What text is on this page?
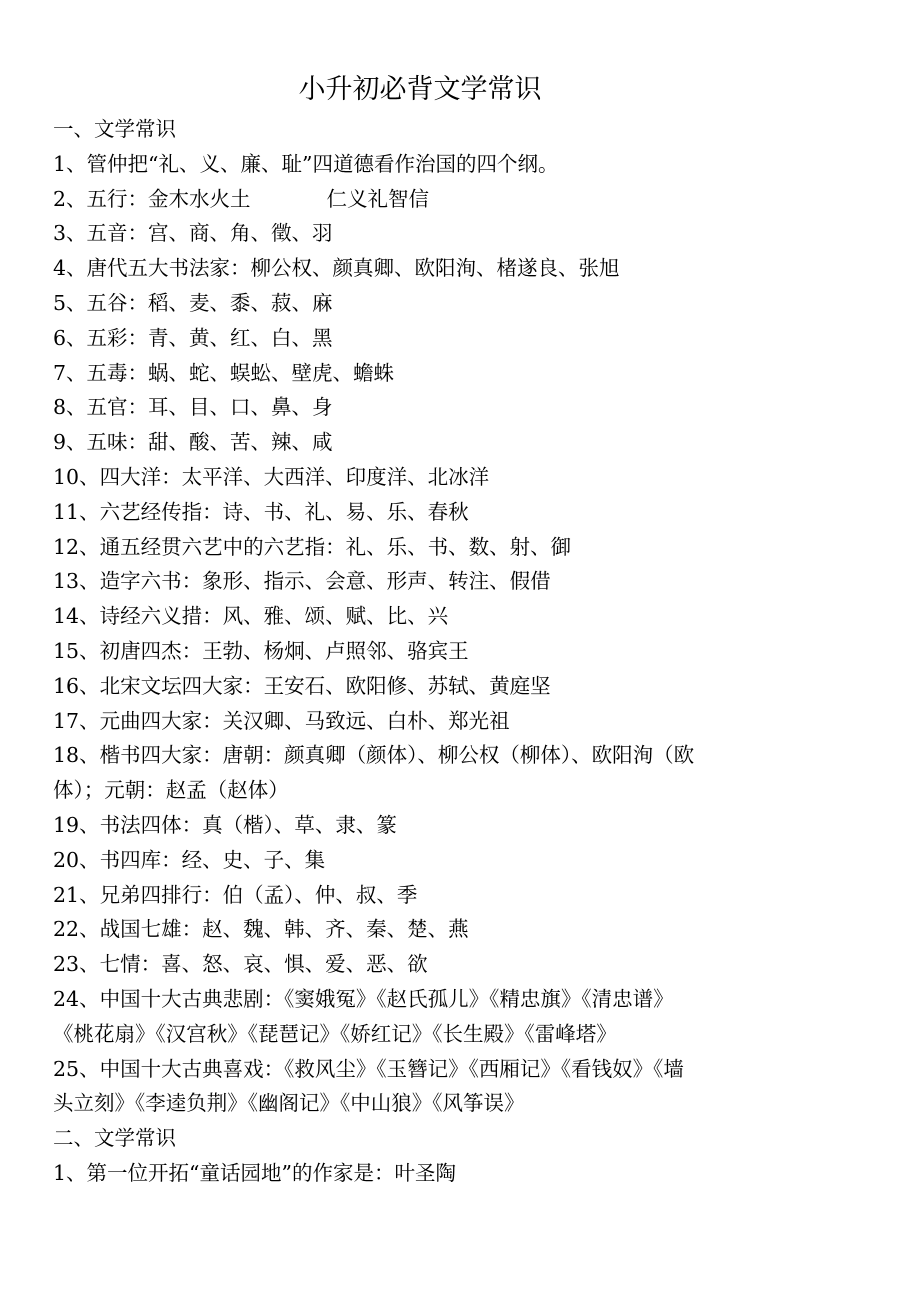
小升初必背文学常识
一、文学常识
1、管仲把“礼、义、廉、耻”四道德看作治国的四个纲。
2、五行：金木水火土	仁义礼智信
3、五音：宫、商、角、徵、羽
4、唐代五大书法家：柳公权、颜真卿、欧阳洵、楮遂良、张旭
5、五谷：稻、麦、黍、菽、麻
6、五彩：青、黄、红、白、黑
7、五毒：蜗、蛇、蜈蚣、壁虎、蟾蛛
8、五官：耳、目、口、鼻、身
9、五味：甜、酸、苦、辣、咸
10、四大洋：太平洋、大西洋、印度洋、北冰洋
11、六艺经传指：诗、书、礼、易、乐、春秋
12、通五经贯六艺中的六艺指：礼、乐、书、数、射、御
13、造字六书：象形、指示、会意、形声、转注、假借
14、诗经六义措：风、雅、颂、赋、比、兴
15、初唐四杰：王勃、杨炯、卢照邻、骆宾王
16、北宋文坛四大家：王安石、欧阳修、苏轼、黄庭坚
17、元曲四大家：关汉卿、马致远、白朴、郑光祖
18、楷书四大家：唐朝：颜真卿（颜体）、柳公权（柳体）、欧阳洵（欧
体）；元朝：赵孟（赵体）
19、书法四体：真（楷）、草、隶、篆
20、书四库：经、史、子、集
21、兄弟四排行：伯（孟）、仲、叔、季
22、战国七雄：赵、魏、韩、齐、秦、楚、燕
23、七情：喜、怒、哀、惧、爱、恶、欲
24、中国十大古典悲剧：《窦娥冤》《赵氏孤儿》《精忠旗》《清忠谱》
《桃花扇》《汉宫秋》《琵琶记》《娇红记》《长生殿》《雷峰塔》
25、中国十大古典喜戏：《救风尘》《玉簪记》《西厢记》《看钱奴》《墙
头立刻》《李逵负荆》《幽阁记》《中山狼》《风筝误》
二、文学常识
1、第一位开拓“童话园地”的作家是：叶圣陶
